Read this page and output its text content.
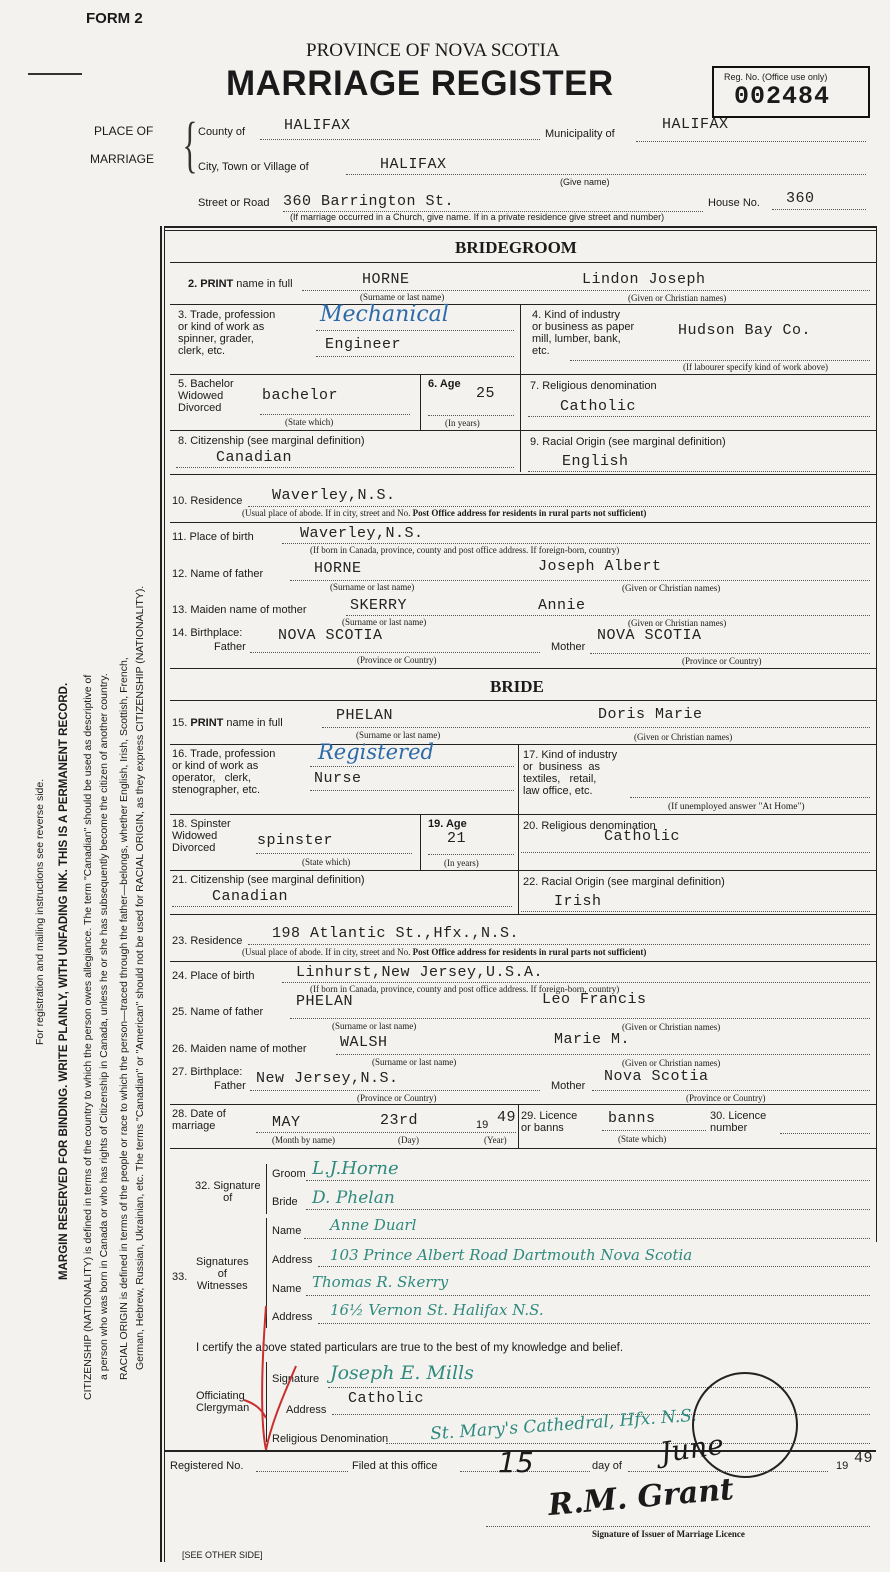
FORM 2
PROVINCE OF NOVA SCOTIA
MARRIAGE REGISTER	Reg. No. (Office use only)
002484
PLACE OF
MARRIAGE { County of	HALIFAX	Municipality of
HALIFAX
City, Town or Village of	HALIFAX
(Give name)
Street or Road 360 Barrington St.	House No. 360
(If marriage occurred in a Church, give name. If in a private residence give street and number)
For registration and mailing instructions see reverse side. MARGIN RESERVED FOR BINDING. WRITE PLAINLY, WITH UNFADING INK. THIS IS A PERMANENT RECORD. CITIZENSHIP (NATIONALITY) is defined in terms of the country to which the person owes allegiance. The term "Canadian" should be used as descriptive of a person who was born in Canada or who has rights of Citizenship in Canada, unless he or she has subsequently become the citizen of another country. RACIAL ORIGIN is defined in terms of the people or race to which the person—traced through the father—belongs, whether English, Irish, Scottish, French, German, Hebrew, Russian, Ukrainian, etc. The terms "Canadian" or "American" should not be used for RACIAL ORIGIN, as they express CITIZENSHIP (NATIONALITY).
BRIDEGROOM
2. PRINT name in full	HORNE	Lindon Joseph
(Surname or last name)	(Given or Christian names)
3. Trade, profession
or kind of work as
spinner, grader,
clerk, etc.
Mechanical
Engineer
4. Kind of industry
or business as paper
mill, lumber, bank,
etc.
Hudson Bay Co.
(If labourer specify kind of work above)
5. Bachelor
Widowed
Divorced
bachelor
(State which)
6. Age
25
(In years)
7. Religious denomination
Catholic
8. Citizenship (see marginal definition)
Canadian
9. Racial Origin (see marginal definition)
English
10. Residence Waverley,N.S.
(Usual place of abode. If in city, street and No. Post Office address for residents in rural parts not sufficient)
11. Place of birth	Waverley,N.S.
(If born in Canada, province, county and post office address. If foreign-born, country)
12. Name of father	HORNE	Joseph Albert
(Surname or last name)	(Given or Christian names)
13. Maiden name of mother	SKERRY	Annie
(Surname or last name)	(Given or Christian names)
14. Birthplace:
Father
NOVA SCOTIA
(Province or Country)
Mother
NOVA SCOTIA
(Province or Country)
BRIDE
15. PRINT name in full	PHELAN	Doris Marie
(Surname or last name)	(Given or Christian names)
16. Trade, profession
or kind of work as
operator,   clerk,
stenographer, etc.
Registered
Nurse
17. Kind of industry
or  business  as
textiles,   retail,
law office, etc.
(If unemployed answer "At Home")
18. Spinster
Widowed
Divorced	spinster
(State which)
19. Age
21
(In years)
20. Religious denomination
Catholic
21. Citizenship (see marginal definition)
Canadian
22. Racial Origin (see marginal definition)
Irish
23. Residence 198 Atlantic St.,Hfx.,N.S.
(Usual place of abode. If in city, street and No. Post Office address for residents in rural parts not sufficient)
24. Place of birth	Linhurst,New Jersey,U.S.A.
(If born in Canada, province, county and post office address. If foreign-born, country)
25. Name of father
PHELAN	Leo Francis
(Surname or last name)	(Given or Christian names)
26. Maiden name of mother WALSH	Marie M.
(Surname or last name)	(Given or Christian names)
27. Birthplace:
Father New Jersey,N.S.
(Province or Country)
Mother
Nova Scotia
(Province or Country)
28. Date of
marriage	MAY	23rd	19 49
(Month by name)	(Day)	(Year)
29. Licence
or banns
banns
(State which)
30. Licence
number
32. Signature
of
Groom L.J.Horne
Bride D. Phelan
33.
Signatures
of
Witnesses
Name Anne Duarl
Address 103 Prince Albert Road Dartmouth Nova Scotia
Name Thomas R. Skerry
Address 16½ Vernon St. Halifax N.S.
I certify the above stated particulars are true to the best of my knowledge and belief.
Officiating
Clergyman
Signature Joseph E. Mills
Address
Catholic
Religious Denomination St. Mary's Cathedral, Hfx. N.S.
Registered No.	Filed at this office 15	day of June	19 49
R.M. Grant
Signature of Issuer of Marriage Licence
[SEE OTHER SIDE]
